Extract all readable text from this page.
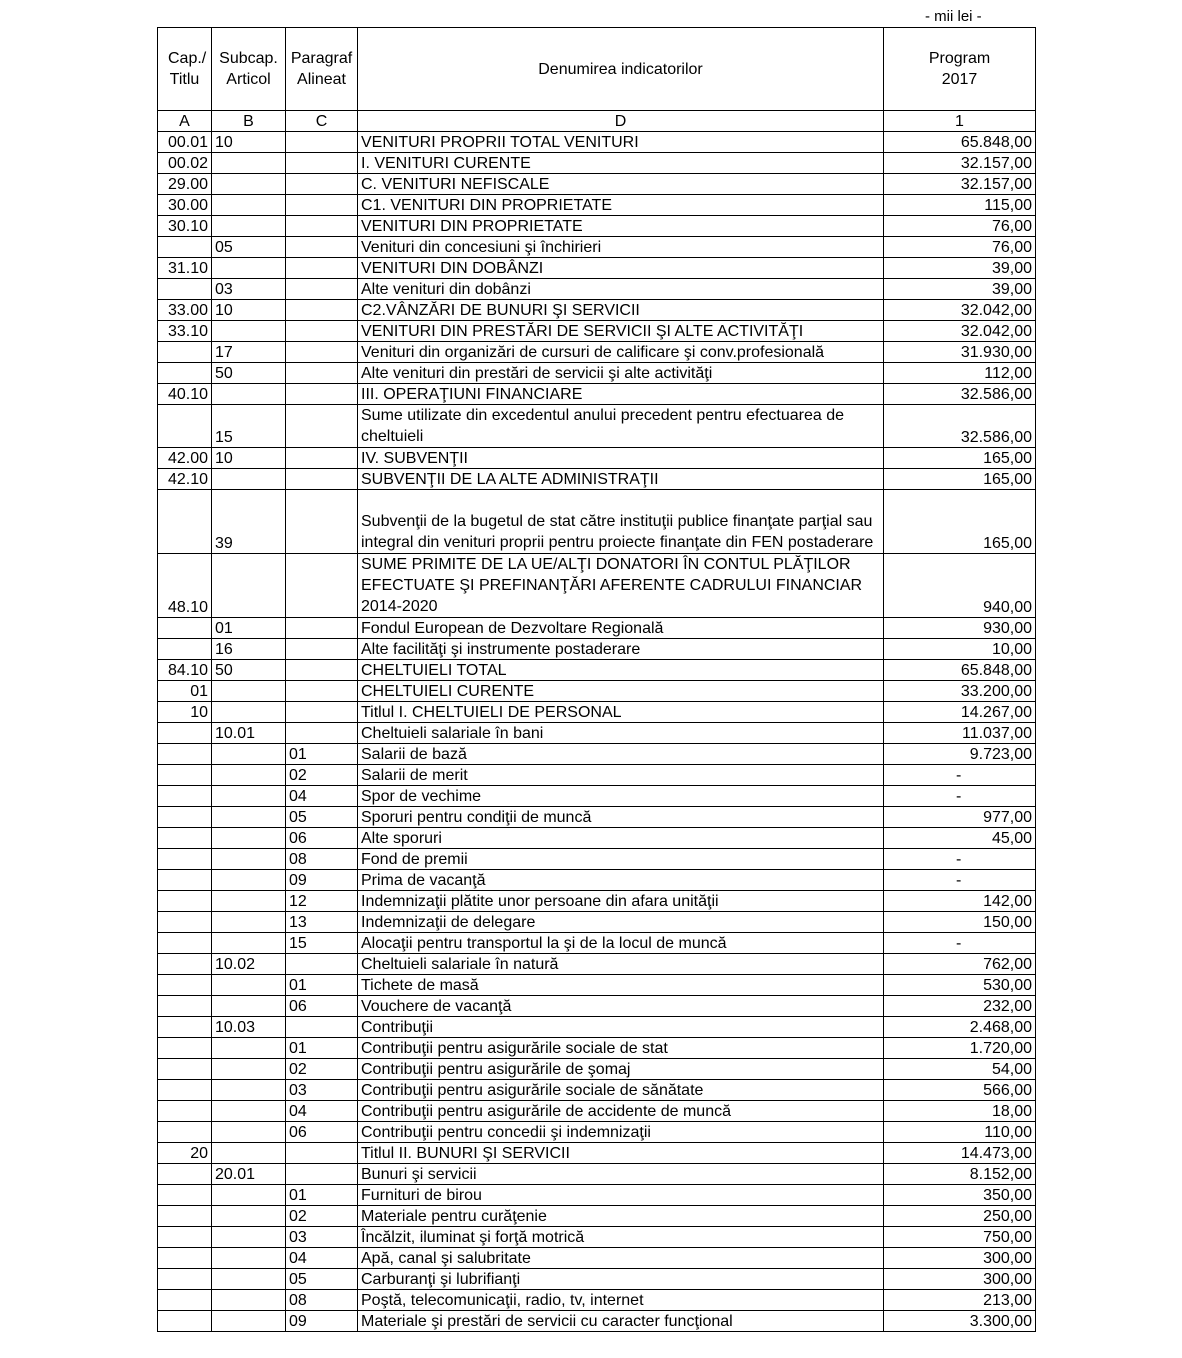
- mii lei -
Cap./ Titlu	Subcap. Articol	Paragraf Alineat	Denumirea indicatorilor	Program 2017
A	B	C	D	1
00.01	10		VENITURI PROPRII TOTAL VENITURI	65.848,00
00.02			I. VENITURI CURENTE	32.157,00
29.00			C. VENITURI NEFISCALE	32.157,00
30.00			C1. VENITURI DIN PROPRIETATE	115,00
30.10			VENITURI DIN PROPRIETATE	76,00
	05		Venituri din concesiuni şi închirieri	76,00
31.10			VENITURI DIN DOBÂNZI	39,00
	03		Alte venituri din dobânzi	39,00
33.00	10		C2.VÂNZĂRI DE BUNURI ŞI SERVICII	32.042,00
33.10			VENITURI DIN PRESTĂRI DE SERVICII ŞI ALTE ACTIVITĂŢI	32.042,00
	17		Venituri din organizări de cursuri de calificare şi conv.profesională	31.930,00
	50		Alte venituri din prestări de servicii şi alte activităţi	112,00
40.10			III. OPERAŢIUNI FINANCIARE	32.586,00
	15		Sume utilizate din excedentul anului precedent pentru efectuarea de cheltuieli	32.586,00
42.00	10		IV. SUBVENŢII	165,00
42.10			SUBVENŢII DE LA ALTE ADMINISTRAŢII	165,00
	39		Subvenţii de la bugetul de stat către instituţii publice finanţate parţial sau integral din venituri proprii pentru proiecte finanţate din FEN postaderare	165,00
48.10			SUME PRIMITE DE LA UE/ALŢI DONATORI ÎN CONTUL PLĂŢILOR EFECTUATE ŞI PREFINANŢĂRI AFERENTE CADRULUI FINANCIAR 2014-2020	940,00
	01		Fondul European de Dezvoltare Regională	930,00
	16		Alte facilităţi şi instrumente postaderare	10,00
84.10	50		CHELTUIELI TOTAL	65.848,00
01			CHELTUIELI CURENTE	33.200,00
10			Titlul I. CHELTUIELI DE PERSONAL	14.267,00
	10.01		Cheltuieli salariale în bani	11.037,00
		01	Salarii de bază	9.723,00
		02	Salarii de merit	-
		04	Spor de vechime	-
		05	Sporuri pentru condiţii de muncă	977,00
		06	Alte sporuri	45,00
		08	Fond de premii	-
		09	Prima de vacanţă	-
		12	Indemnizaţii plătite unor persoane din afara unităţii	142,00
		13	Indemnizaţii de delegare	150,00
		15	Alocaţii pentru transportul la şi de la locul de muncă	-
	10.02		Cheltuieli salariale în natură	762,00
		01	Tichete de masă	530,00
		06	Vouchere de vacanţă	232,00
	10.03		Contribuţii	2.468,00
		01	Contribuţii pentru asigurările sociale de stat	1.720,00
		02	Contribuţii pentru asigurările de şomaj	54,00
		03	Contribuţii pentru asigurările sociale de sănătate	566,00
		04	Contribuţii pentru asigurările de accidente de muncă	18,00
		06	Contribuţii pentru concedii şi indemnizaţii	110,00
20			Titlul II. BUNURI ŞI SERVICII	14.473,00
	20.01		Bunuri şi servicii	8.152,00
		01	Furnituri de birou	350,00
		02	Materiale pentru curăţenie	250,00
		03	Încălzit, iluminat şi forţă motrică	750,00
		04	Apă, canal şi salubritate	300,00
		05	Carburanţi şi lubrifianţi	300,00
		08	Poştă, telecomunicaţii, radio, tv, internet	213,00
		09	Materiale şi prestări de servicii cu caracter funcţional	3.300,00
